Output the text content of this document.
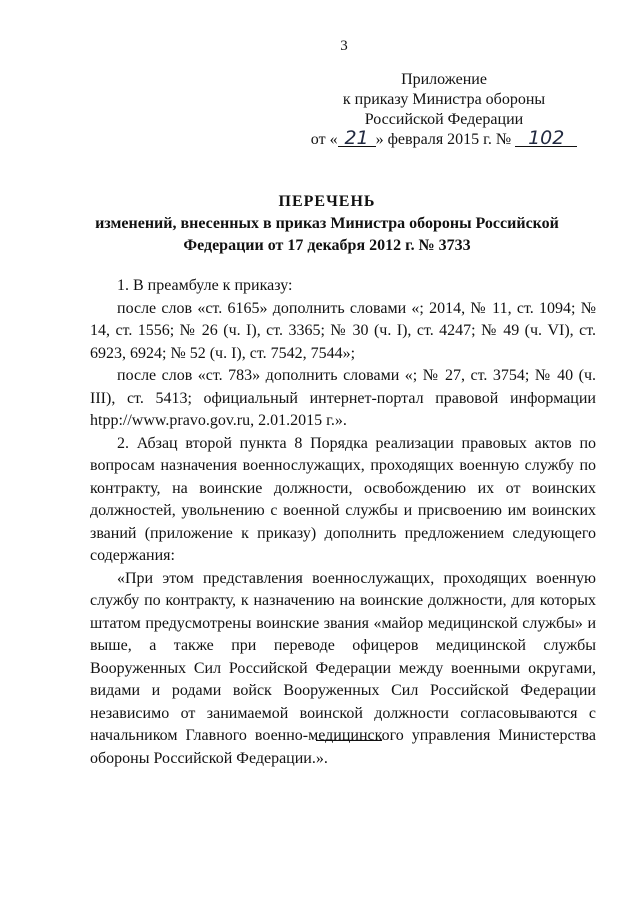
3
Приложение
к приказу Министра обороны
Российской Федерации
от « 21 » февраля 2015 г. № 102
ПЕРЕЧЕНЬ
изменений, внесенных в приказ Министра обороны Российской
Федерации от 17 декабря 2012 г. № 3733

1. В преамбуле к приказу:

после слов «ст. 6165» дополнить словами «; 2014, № 11, ст. 1094; № 14, ст. 1556; № 26 (ч. I), ст. 3365; № 30 (ч. I), ст. 4247; № 49 (ч. VI), ст. 6923, 6924; № 52 (ч. I), ст. 7542, 7544»;

после слов «ст. 783» дополнить словами «; № 27, ст. 3754; № 40 (ч. III), ст. 5413; официальный интернет-портал правовой информации htpp://www.pravo.gov.ru, 2.01.2015 г.».

2. Абзац второй пункта 8 Порядка реализации правовых актов по вопросам назначения военнослужащих, проходящих военную службу по контракту, на воинские должности, освобождению их от воинских должностей, увольнению с военной службы и присвоению им воинских званий (приложение к приказу) дополнить предложением следующего содержания:

«При этом представления военнослужащих, проходящих военную службу по контракту, к назначению на воинские должности, для которых штатом предусмотрены воинские звания «майор медицинской службы» и выше, а также при переводе офицеров медицинской службы Вооруженных Сил Российской Федерации между военными округами, видами и родами войск Вооруженных Сил Российской Федерации независимо от занимаемой воинской должности согласовываются с начальником Главного военно-медицинского управления Министерства обороны Российской Федерации.».
